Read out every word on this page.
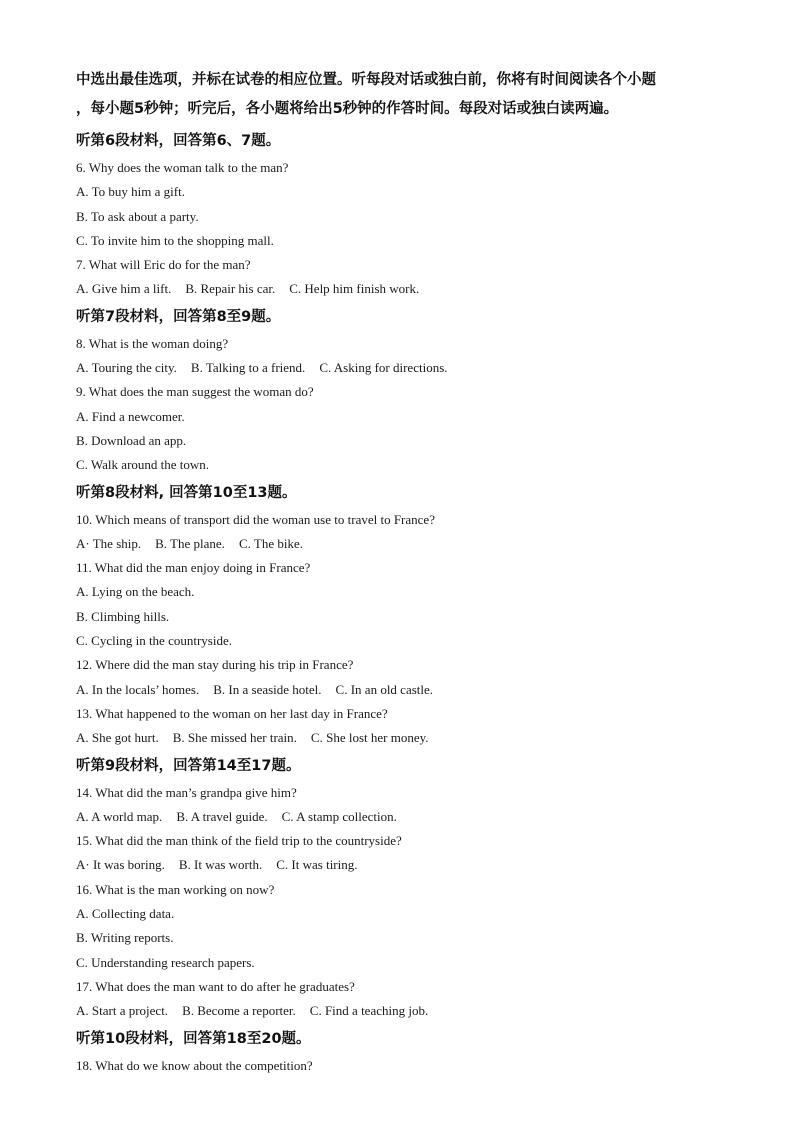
中选出最佳选项，并标在试卷的相应位置。听每段对话或独白前，你将有时间阅读各个小题
，每小题5秒钟；听完后，各小题将给出5秒钟的作答时间。每段对话或独白读两遍。
听第6段材料，回答第6、7题。
6. Why does the woman talk to the man?
A. To buy him a gift.
B. To ask about a party.
C. To invite him to the shopping mall.
7. What will Eric do for the man?
A. Give him a lift. B. Repair his car. C. Help him finish work.
听第7段材料，回答第8至9题。
8. What is the woman doing?
A. Touring the city. B. Talking to a friend. C. Asking for directions.
9. What does the man suggest the woman do?
A. Find a newcomer.
B. Download an app.
C. Walk around the town.
听第8段材料, 回答第10至13题。
10. Which means of transport did the woman use to travel to France?
A· The ship. B. The plane. C. The bike.
11. What did the man enjoy doing in France?
A. Lying on the beach.
B. Climbing hills.
C. Cycling in the countryside.
12. Where did the man stay during his trip in France?
A. In the locals’ homes. B. In a seaside hotel. C. In an old castle.
13. What happened to the woman on her last day in France?
A. She got hurt. B. She missed her train. C. She lost her money.
听第9段材料，回答第14至17题。
14. What did the man’s grandpa give him?
A. A world map. B. A travel guide. C. A stamp collection.
15. What did the man think of the field trip to the countryside?
A· It was boring. B. It was worth. C. It was tiring.
16. What is the man working on now?
A. Collecting data.
B. Writing reports.
C. Understanding research papers.
17. What does the man want to do after he graduates?
A. Start a project. B. Become a reporter. C. Find a teaching job.
听第10段材料，回答第18至20题。
18. What do we know about the competition?
